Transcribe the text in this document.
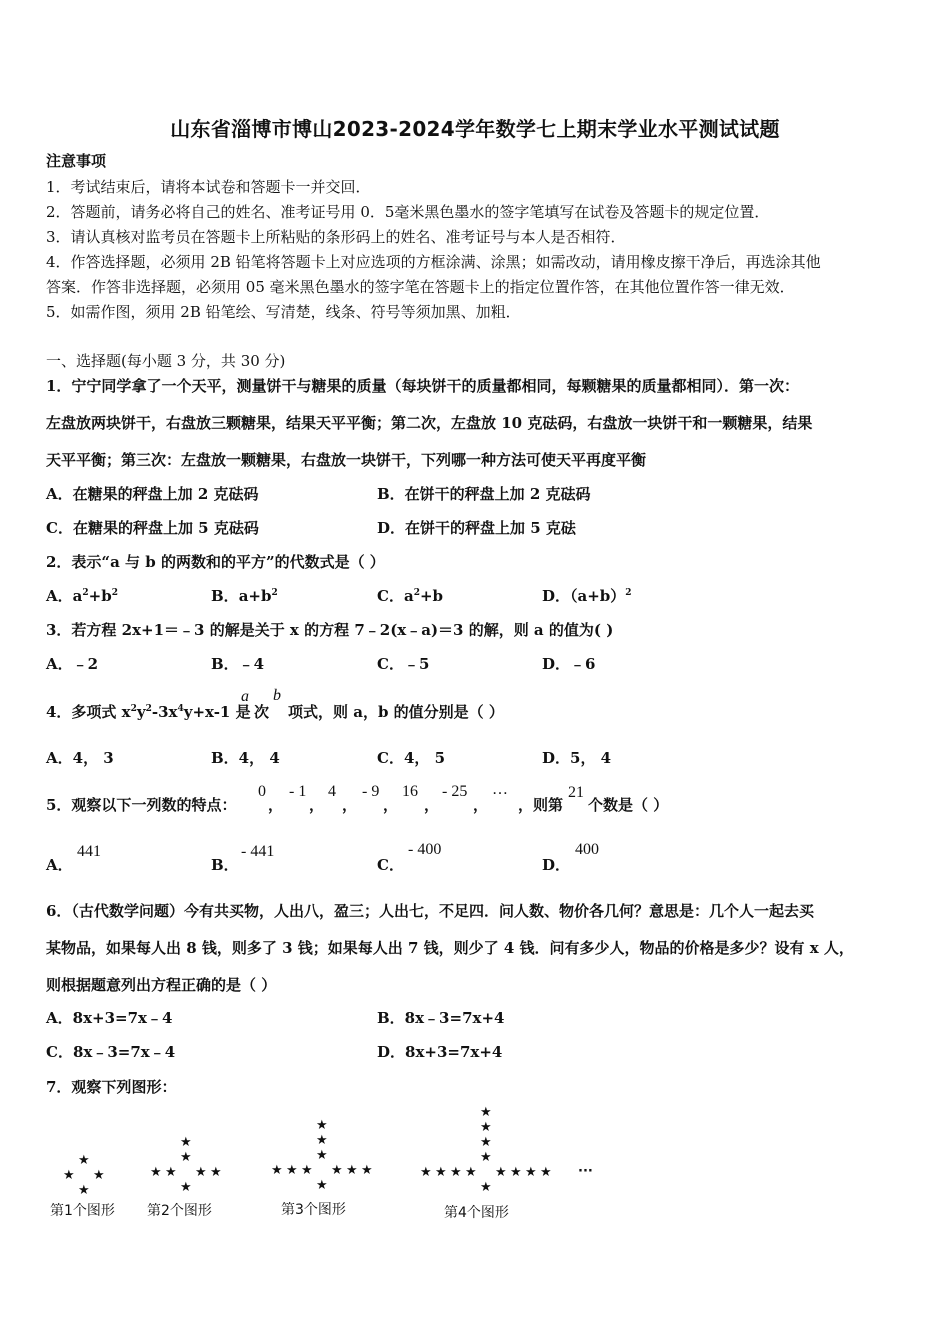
山东省淄博市博山2023-2024学年数学七上期末学业水平测试试题
注意事项
1．考试结束后，请将本试卷和答题卡一并交回．
2．答题前，请务必将自己的姓名、准考证号用 0．5毫米黑色墨水的签字笔填写在试卷及答题卡的规定位置．
3．请认真核对监考员在答题卡上所粘贴的条形码上的姓名、准考证号与本人是否相符．
4．作答选择题，必须用 2B 铅笔将答题卡上对应选项的方框涂满、涂黑；如需改动，请用橡皮擦干净后，再选涂其他
答案．作答非选择题，必须用 05 毫米黑色墨水的签字笔在答题卡上的指定位置作答，在其他位置作答一律无效．
5．如需作图，须用 2B 铅笔绘、写清楚，线条、符号等须加黑、加粗．
一、选择题(每小题 3 分，共 30 分)
1．宁宁同学拿了一个天平，测量饼干与糖果的质量（每块饼干的质量都相同，每颗糖果的质量都相同）．第一次：
左盘放两块饼干，右盘放三颗糖果，结果天平平衡；第二次，左盘放 10 克砝码，右盘放一块饼干和一颗糖果，结果
天平平衡；第三次：左盘放一颗糖果，右盘放一块饼干，下列哪一种方法可使天平再度平衡
A．在糖果的秤盘上加 2 克砝码	B．在饼干的秤盘上加 2 克砝码
C．在糖果的秤盘上加 5 克砝码	D．在饼干的秤盘上加 5 克砝
2．表示“a 与 b 的两数和的平方”的代数式是（ ）
A．$a^2+b^2$	B．$a+b^2$	C．$a^2+b$	D．$(a+b)^2$
3．若方程 2x+1＝﹣3 的解是关于 x 的方程 7﹣2(x﹣a)＝3 的解，则 a 的值为( )
A．﹣2	B．﹣4	C．﹣5	D．﹣6
4．多项式 $x^2y^2-3x^4y+x-1$ 是
a
次
b
项式，则 a，b 的值分别是（ ）
A．4， 3	B．4， 4	C．4， 5	D．5， 4
5．观察以下一列数的特点：
0
，
- 1
，
4
，
- 9
，
16
，
- 25
，
…
，则第
21
个数是（ ）
A．
441
B．
- 441
C．
- 400
D．
400
6．（古代数学问题）今有共买物，人出八，盈三；人出七，不足四．问人数、物价各几何？意思是：几个人一起去买
某物品，如果每人出 8 钱，则多了 3 钱；如果每人出 7 钱，则少了 4 钱．问有多少人，物品的价格是多少？设有 x 人，
则根据题意列出方程正确的是（ ）
A．8x+3=7x﹣4	B．8x﹣3=7x+4
C．8x﹣3=7x﹣4	D．8x+3=7x+4
7．观察下列图形：
★
★ ★
★
★
★
★ ★ ★ ★
★
★
★
★
★ ★ ★ ★ ★ ★
★
★
★
★
★
★ ★ ★ ★ ★ ★ ★ ★
★
···
第1个图形 第2个图形	第3个图形	第4个图形
